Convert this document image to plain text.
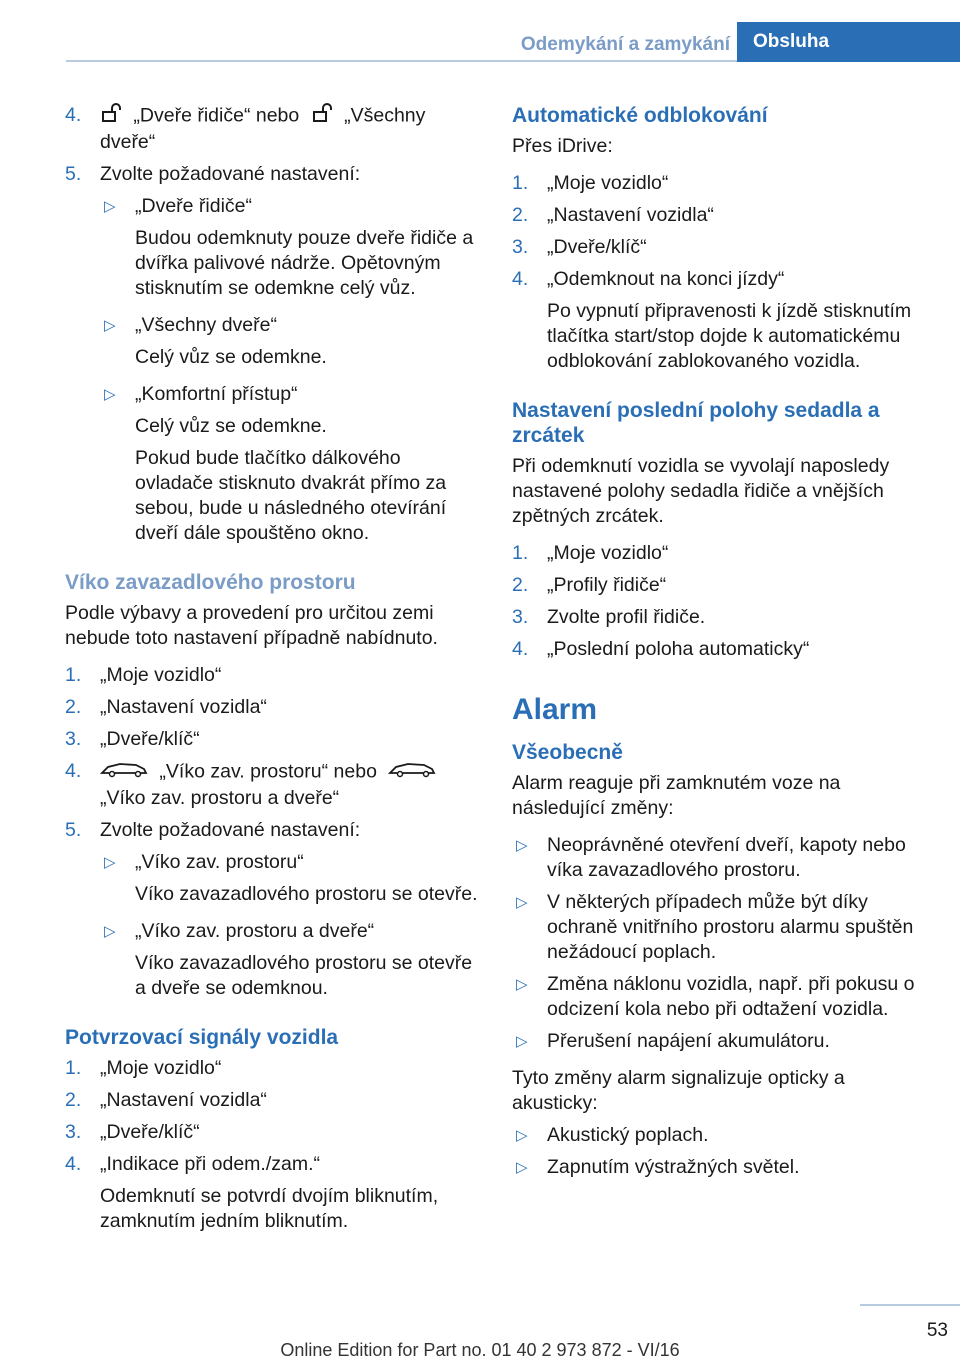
Odemykání a zamykání	Obsluha
4.	„Dveře řidiče“ nebo „Všechny dveře“
5. Zvolte požadované nastavení:
▷ „Dveře řidiče“
Budou odemknuty pouze dveře řidiče a dvířka palivové nádrže. Opětovným stisknutím se odemkne celý vůz.
▷ „Všechny dveře“
Celý vůz se odemkne.
▷ „Komfortní přístup“
Celý vůz se odemkne.
Pokud bude tlačítko dálkového ovladače stisknuto dvakrát přímo za sebou, bude u následného otevírání dveří dále spouštěno okno.
Víko zavazadlového prostoru
Podle výbavy a provedení pro určitou zemi nebude toto nastavení případně nabídnuto.
1. „Moje vozidlo“
2. „Nastavení vozidla“
3. „Dveře/klíč“
4.	„Víko zav. prostoru“ nebo
„Víko zav. prostoru a dveře“
5. Zvolte požadované nastavení:
▷ „Víko zav. prostoru“
Víko zavazadlového prostoru se otevře.
▷ „Víko zav. prostoru a dveře“
Víko zavazadlového prostoru se otevře a dveře se odemknou.
Potvrzovací signály vozidla
1. „Moje vozidlo“
2. „Nastavení vozidla“
3. „Dveře/klíč“
4. „Indikace při odem./zam.“
Odemknutí se potvrdí dvojím bliknutím, zamknutím jedním bliknutím.
Automatické odblokování
Přes iDrive:
1. „Moje vozidlo“
2. „Nastavení vozidla“
3. „Dveře/klíč“
4. „Odemknout na konci jízdy“
Po vypnutí připravenosti k jízdě stisknutím tlačítka start/stop dojde k automatickému odblokování zablokovaného vozidla.
Nastavení poslední polohy sedadla a zrcátek
Při odemknutí vozidla se vyvolají naposledy nastavené polohy sedadla řidiče a vnějších zpětných zrcátek.
1. „Moje vozidlo“
2. „Profily řidiče“
3. Zvolte profil řidiče.
4. „Poslední poloha automaticky“
Alarm
Všeobecně
Alarm reaguje při zamknutém voze na následující změny:
▷ Neoprávněné otevření dveří, kapoty nebo víka zavazadlového prostoru.
▷ V některých případech může být díky ochraně vnitřního prostoru alarmu spuštěn nežádoucí poplach.
▷ Změna náklonu vozidla, např. při pokusu o odcizení kola nebo při odtažení vozidla.
▷ Přerušení napájení akumulátoru.
Tyto změny alarm signalizuje opticky a akusticky:
▷ Akustický poplach.
▷ Zapnutím výstražných světel.
53
Online Edition for Part no. 01 40 2 973 872 - VI/16
